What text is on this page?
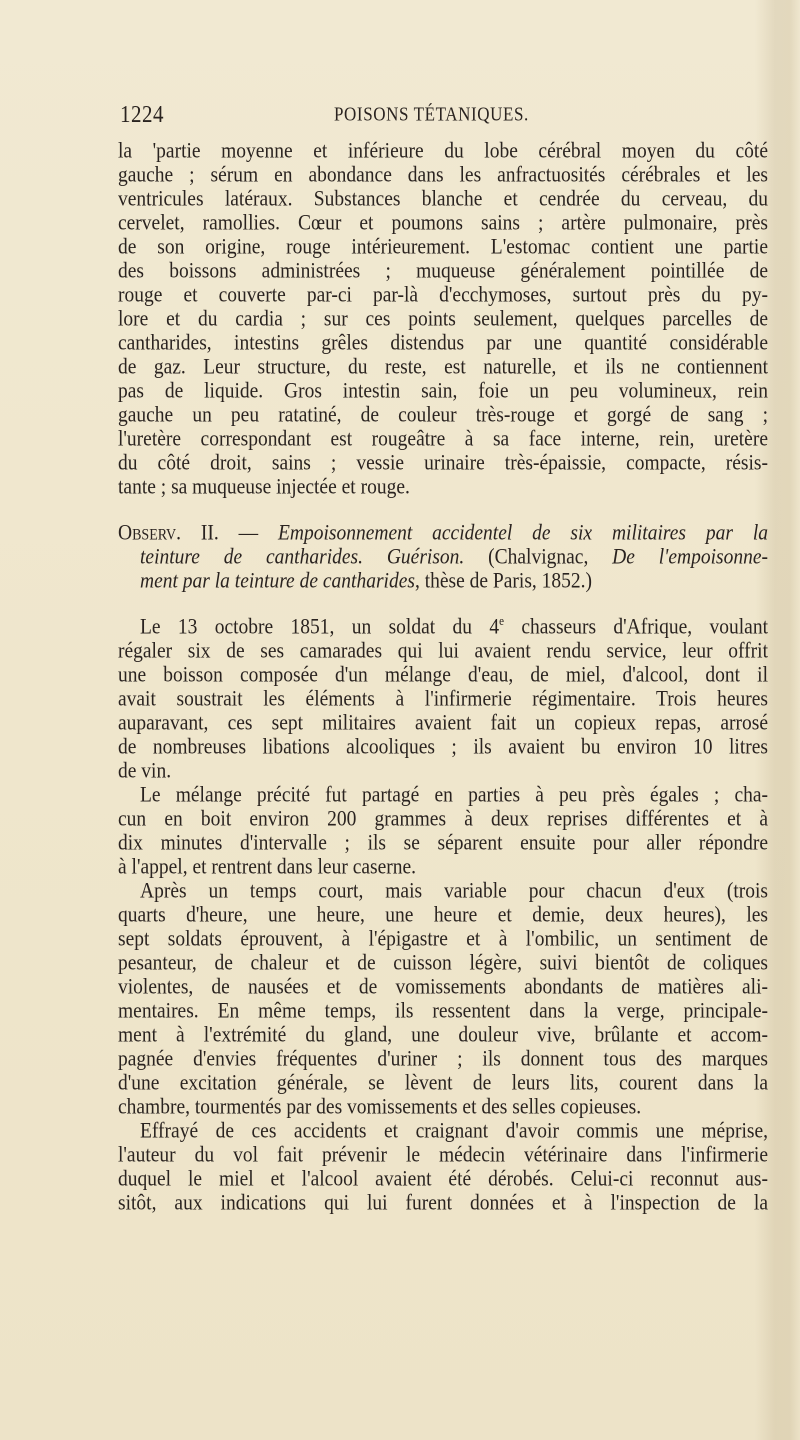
1224	POISONS TÉTANIQUES.
la 'partie moyenne et inférieure du lobe cérébral moyen du côté
gauche ; sérum en abondance dans les anfractuosités cérébrales et les
ventricules latéraux. Substances blanche et cendrée du cerveau, du
cervelet, ramollies. Cœur et poumons sains ; artère pulmonaire, près
de son origine, rouge intérieurement. L'estomac contient une partie
des boissons administrées ; muqueuse généralement pointillée de
rouge et couverte par-ci par-là d'ecchymoses, surtout près du py-
lore et du cardia ; sur ces points seulement, quelques parcelles de
cantharides, intestins grêles distendus par une quantité considérable
de gaz. Leur structure, du reste, est naturelle, et ils ne contiennent
pas de liquide. Gros intestin sain, foie un peu volumineux, rein
gauche un peu ratatiné, de couleur très-rouge et gorgé de sang ;
l'uretère correspondant est rougeâtre à sa face interne, rein, uretère
du côté droit, sains ; vessie urinaire très-épaissie, compacte, résis-
tante ; sa muqueuse injectée et rouge.
Observ. II. — Empoisonnement accidentel de six militaires par la
teinture de cantharides. Guérison. (Chalvignac, De l'empoisonne-
ment par la teinture de cantharides, thèse de Paris, 1852.)
Le 13 octobre 1851, un soldat du 4e chasseurs d'Afrique, voulant
régaler six de ses camarades qui lui avaient rendu service, leur offrit
une boisson composée d'un mélange d'eau, de miel, d'alcool, dont il
avait soustrait les éléments à l'infirmerie régimentaire. Trois heures
auparavant, ces sept militaires avaient fait un copieux repas, arrosé
de nombreuses libations alcooliques ; ils avaient bu environ 10 litres
de vin.
Le mélange précité fut partagé en parties à peu près égales ; cha-
cun en boit environ 200 grammes à deux reprises différentes et à
dix minutes d'intervalle ; ils se séparent ensuite pour aller répondre
à l'appel, et rentrent dans leur caserne.
Après un temps court, mais variable pour chacun d'eux (trois
quarts d'heure, une heure, une heure et demie, deux heures), les
sept soldats éprouvent, à l'épigastre et à l'ombilic, un sentiment de
pesanteur, de chaleur et de cuisson légère, suivi bientôt de coliques
violentes, de nausées et de vomissements abondants de matières ali-
mentaires. En même temps, ils ressentent dans la verge, principale-
ment à l'extrémité du gland, une douleur vive, brûlante et accom-
pagnée d'envies fréquentes d'uriner ; ils donnent tous des marques
d'une excitation générale, se lèvent de leurs lits, courent dans la
chambre, tourmentés par des vomissements et des selles copieuses.
Effrayé de ces accidents et craignant d'avoir commis une méprise,
l'auteur du vol fait prévenir le médecin vétérinaire dans l'infirmerie
duquel le miel et l'alcool avaient été dérobés. Celui-ci reconnut aus-
sitôt, aux indications qui lui furent données et à l'inspection de la
